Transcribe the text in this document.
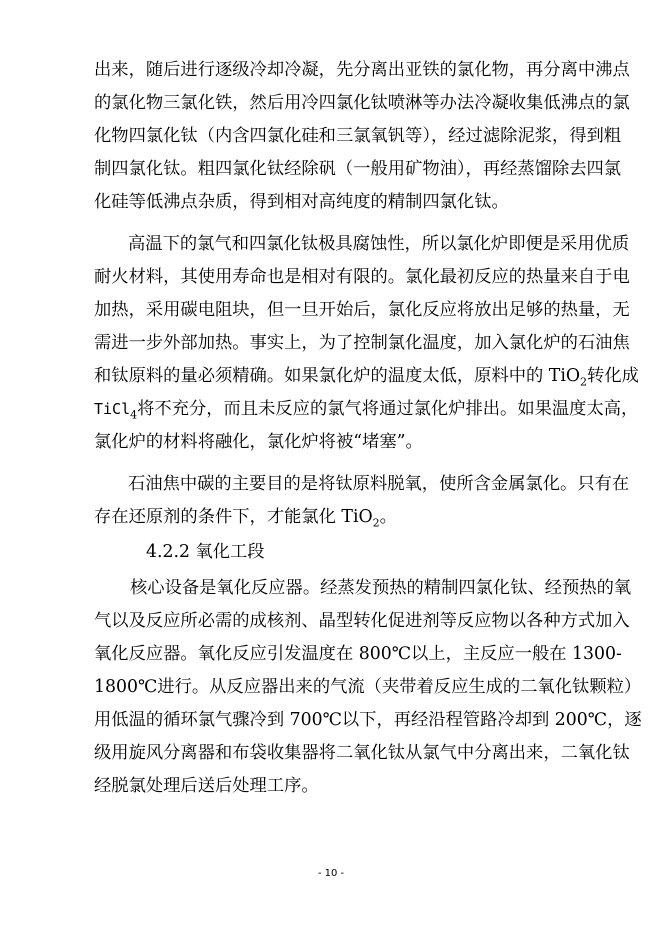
出来，随后进行逐级冷却冷凝，先分离出亚铁的氯化物，再分离中沸点
的氯化物三氯化铁，然后用冷四氯化钛喷淋等办法冷凝收集低沸点的氯
化物四氯化钛（内含四氯化硅和三氯氧钒等），经过滤除泥浆，得到粗
制四氯化钛。粗四氯化钛经除矾（一般用矿物油），再经蒸馏除去四氯
化硅等低沸点杂质，得到相对高纯度的精制四氯化钛。
高温下的氯气和四氯化钛极具腐蚀性，所以氯化炉即便是采用优质
耐火材料，其使用寿命也是相对有限的。氯化最初反应的热量来自于电
加热，采用碳电阻块，但一旦开始后，氯化反应将放出足够的热量，无
需进一步外部加热。事实上，为了控制氯化温度，加入氯化炉的石油焦
和钛原料的量必须精确。如果氯化炉的温度太低，原料中的 TiO$_2$转化成
TiCl$_4$将不充分，而且未反应的氯气将通过氯化炉排出。如果温度太高，
氯化炉的材料将融化，氯化炉将被“堵塞”。
石油焦中碳的主要目的是将钛原料脱氧，使所含金属氯化。只有在
存在还原剂的条件下，才能氯化 TiO$_2$。
4.2.2 氧化工段
核心设备是氧化反应器。经蒸发预热的精制四氯化钛、经预热的氧
气以及反应所必需的成核剂、晶型转化促进剂等反应物以各种方式加入
氧化反应器。氧化反应引发温度在 800℃以上，主反应一般在 1300-
1800℃进行。从反应器出来的气流（夹带着反应生成的二氧化钛颗粒）
用低温的循环氯气骤冷到 700℃以下，再经沿程管路冷却到 200℃，逐
级用旋风分离器和布袋收集器将二氧化钛从氯气中分离出来，二氧化钛
经脱氯处理后送后处理工序。
- 10 -
